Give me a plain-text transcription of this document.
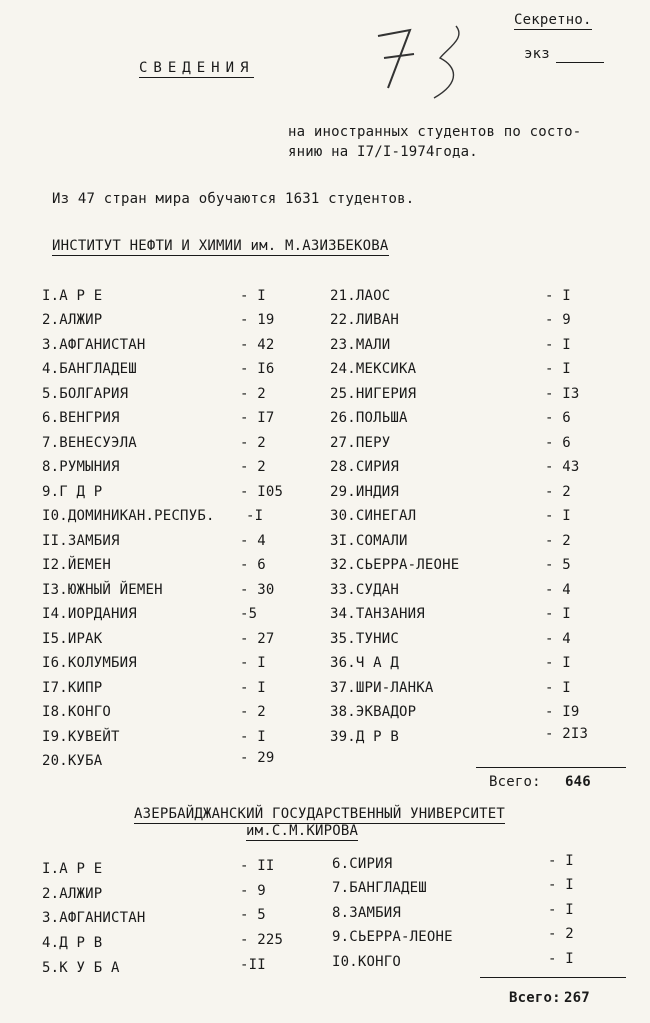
Секретно.
экз
СВЕДЕНИЯ
на иностранных студентов по состо-
янию на I7/I-1974года.
Из 47 стран мира обучаются 1631 студентов.
ИНСТИТУТ НЕФТИ И ХИМИИ им. М.АЗИЗБЕКОВА
I.А Р Е	- I
2.АЛЖИР	- 19
3.АФГАНИСТАН	- 42
4.БАНГЛАДЕШ	- I6
5.БОЛГАРИЯ	- 2
6.ВЕНГРИЯ	- I7
7.ВЕНЕСУЭЛА	- 2
8.РУМЫНИЯ	- 2
9.Г Д Р	- I05
I0.ДОМИНИКАН.РЕСПУБ. -I
II.ЗАМБИЯ	- 4
I2.ЙЕМЕН	- 6
I3.ЮЖНЫЙ ЙЕМЕН	- 30
I4.ИОРДАНИЯ	-5
I5.ИРАК	- 27
I6.КОЛУМБИЯ	- I
I7.КИПР	- I
I8.КОНГО	- 2
I9.КУВЕЙТ	- I
20.КУБА	- 29
21.ЛАОС	- I
22.ЛИВАН	- 9
23.МАЛИ	- I
24.МЕКСИКА	- I
25.НИГЕРИЯ	- I3
26.ПОЛЬША	- 6
27.ПЕРУ	- 6
28.СИРИЯ	- 43
29.ИНДИЯ	- 2
30.СИНЕГАЛ	- I
3I.СОМАЛИ	- 2
32.СЬЕРРА-ЛЕОНЕ	- 5
33.СУДАН	- 4
34.ТАНЗАНИЯ	- I
35.ТУНИС	- 4
36.Ч А Д	- I
37.ШРИ-ЛАНКА	- I
38.ЭКВАДОР	- I9
39.Д Р В	- 2I3
Всего: 646
АЗЕРБАЙДЖАНСКИЙ ГОСУДАРСТВЕННЫЙ УНИВЕРСИТЕТ
им.С.М.КИРОВА
I.А Р Е	- II
2.АЛЖИР	- 9
3.АФГАНИСТАН	- 5
4.Д Р В	- 225
5.К У Б А	-II
6.СИРИЯ	- I
7.БАНГЛАДЕШ	- I
8.ЗАМБИЯ	- I
9.СЬЕРРА-ЛЕОНЕ	- 2
I0.КОНГО	- I
Всего: 267
